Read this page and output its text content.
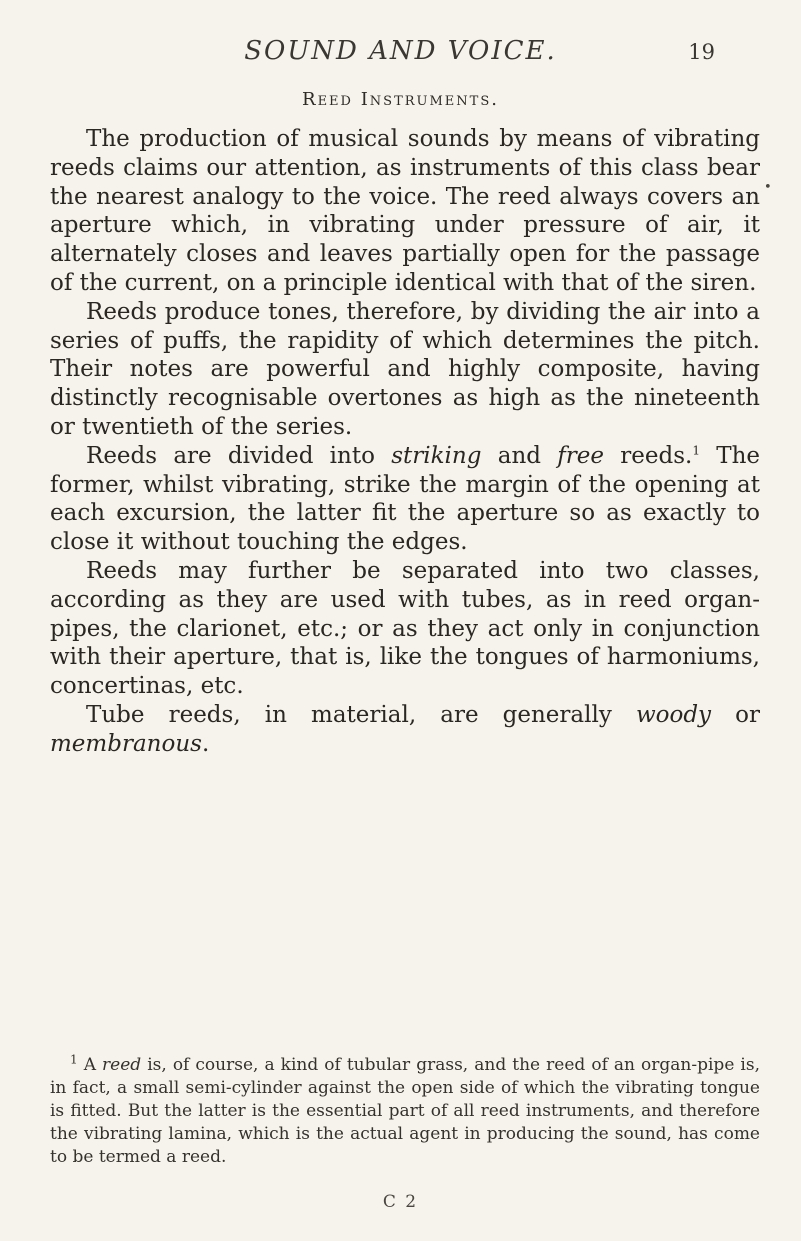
SOUND AND VOICE.	19
Reed Instruments.
•

The production of musical sounds by means of vibrating reeds claims our attention, as instruments of this class bear the nearest analogy to the voice. The reed always covers an aperture which, in vibrating under pressure of air, it alternately closes and leaves partially open for the passage of the current, on a principle identical with that of the siren.

Reeds produce tones, therefore, by dividing the air into a series of puffs, the rapidity of which determines the pitch. Their notes are powerful and highly composite, having distinctly recognisable overtones as high as the nineteenth or twentieth of the series.

Reeds are divided into striking and free reeds.$^1$ The former, whilst vibrating, strike the margin of the opening at each excursion, the latter fit the aperture so as exactly to close it without touching the edges.

Reeds may further be separated into two classes, according as they are used with tubes, as in reed organ-pipes, the clarionet, etc.; or as they act only in conjunction with their aperture, that is, like the tongues of harmoniums, concertinas, etc.

Tube reeds, in material, are generally woody or membranous.

$^1$ A reed is, of course, a kind of tubular grass, and the reed of an organ-pipe is, in fact, a small semi-cylinder against the open side of which the vibrating tongue is fitted. But the latter is the essential part of all reed instruments, and therefore the vibrating lamina, which is the actual agent in producing the sound, has come to be termed a reed.

C 2
